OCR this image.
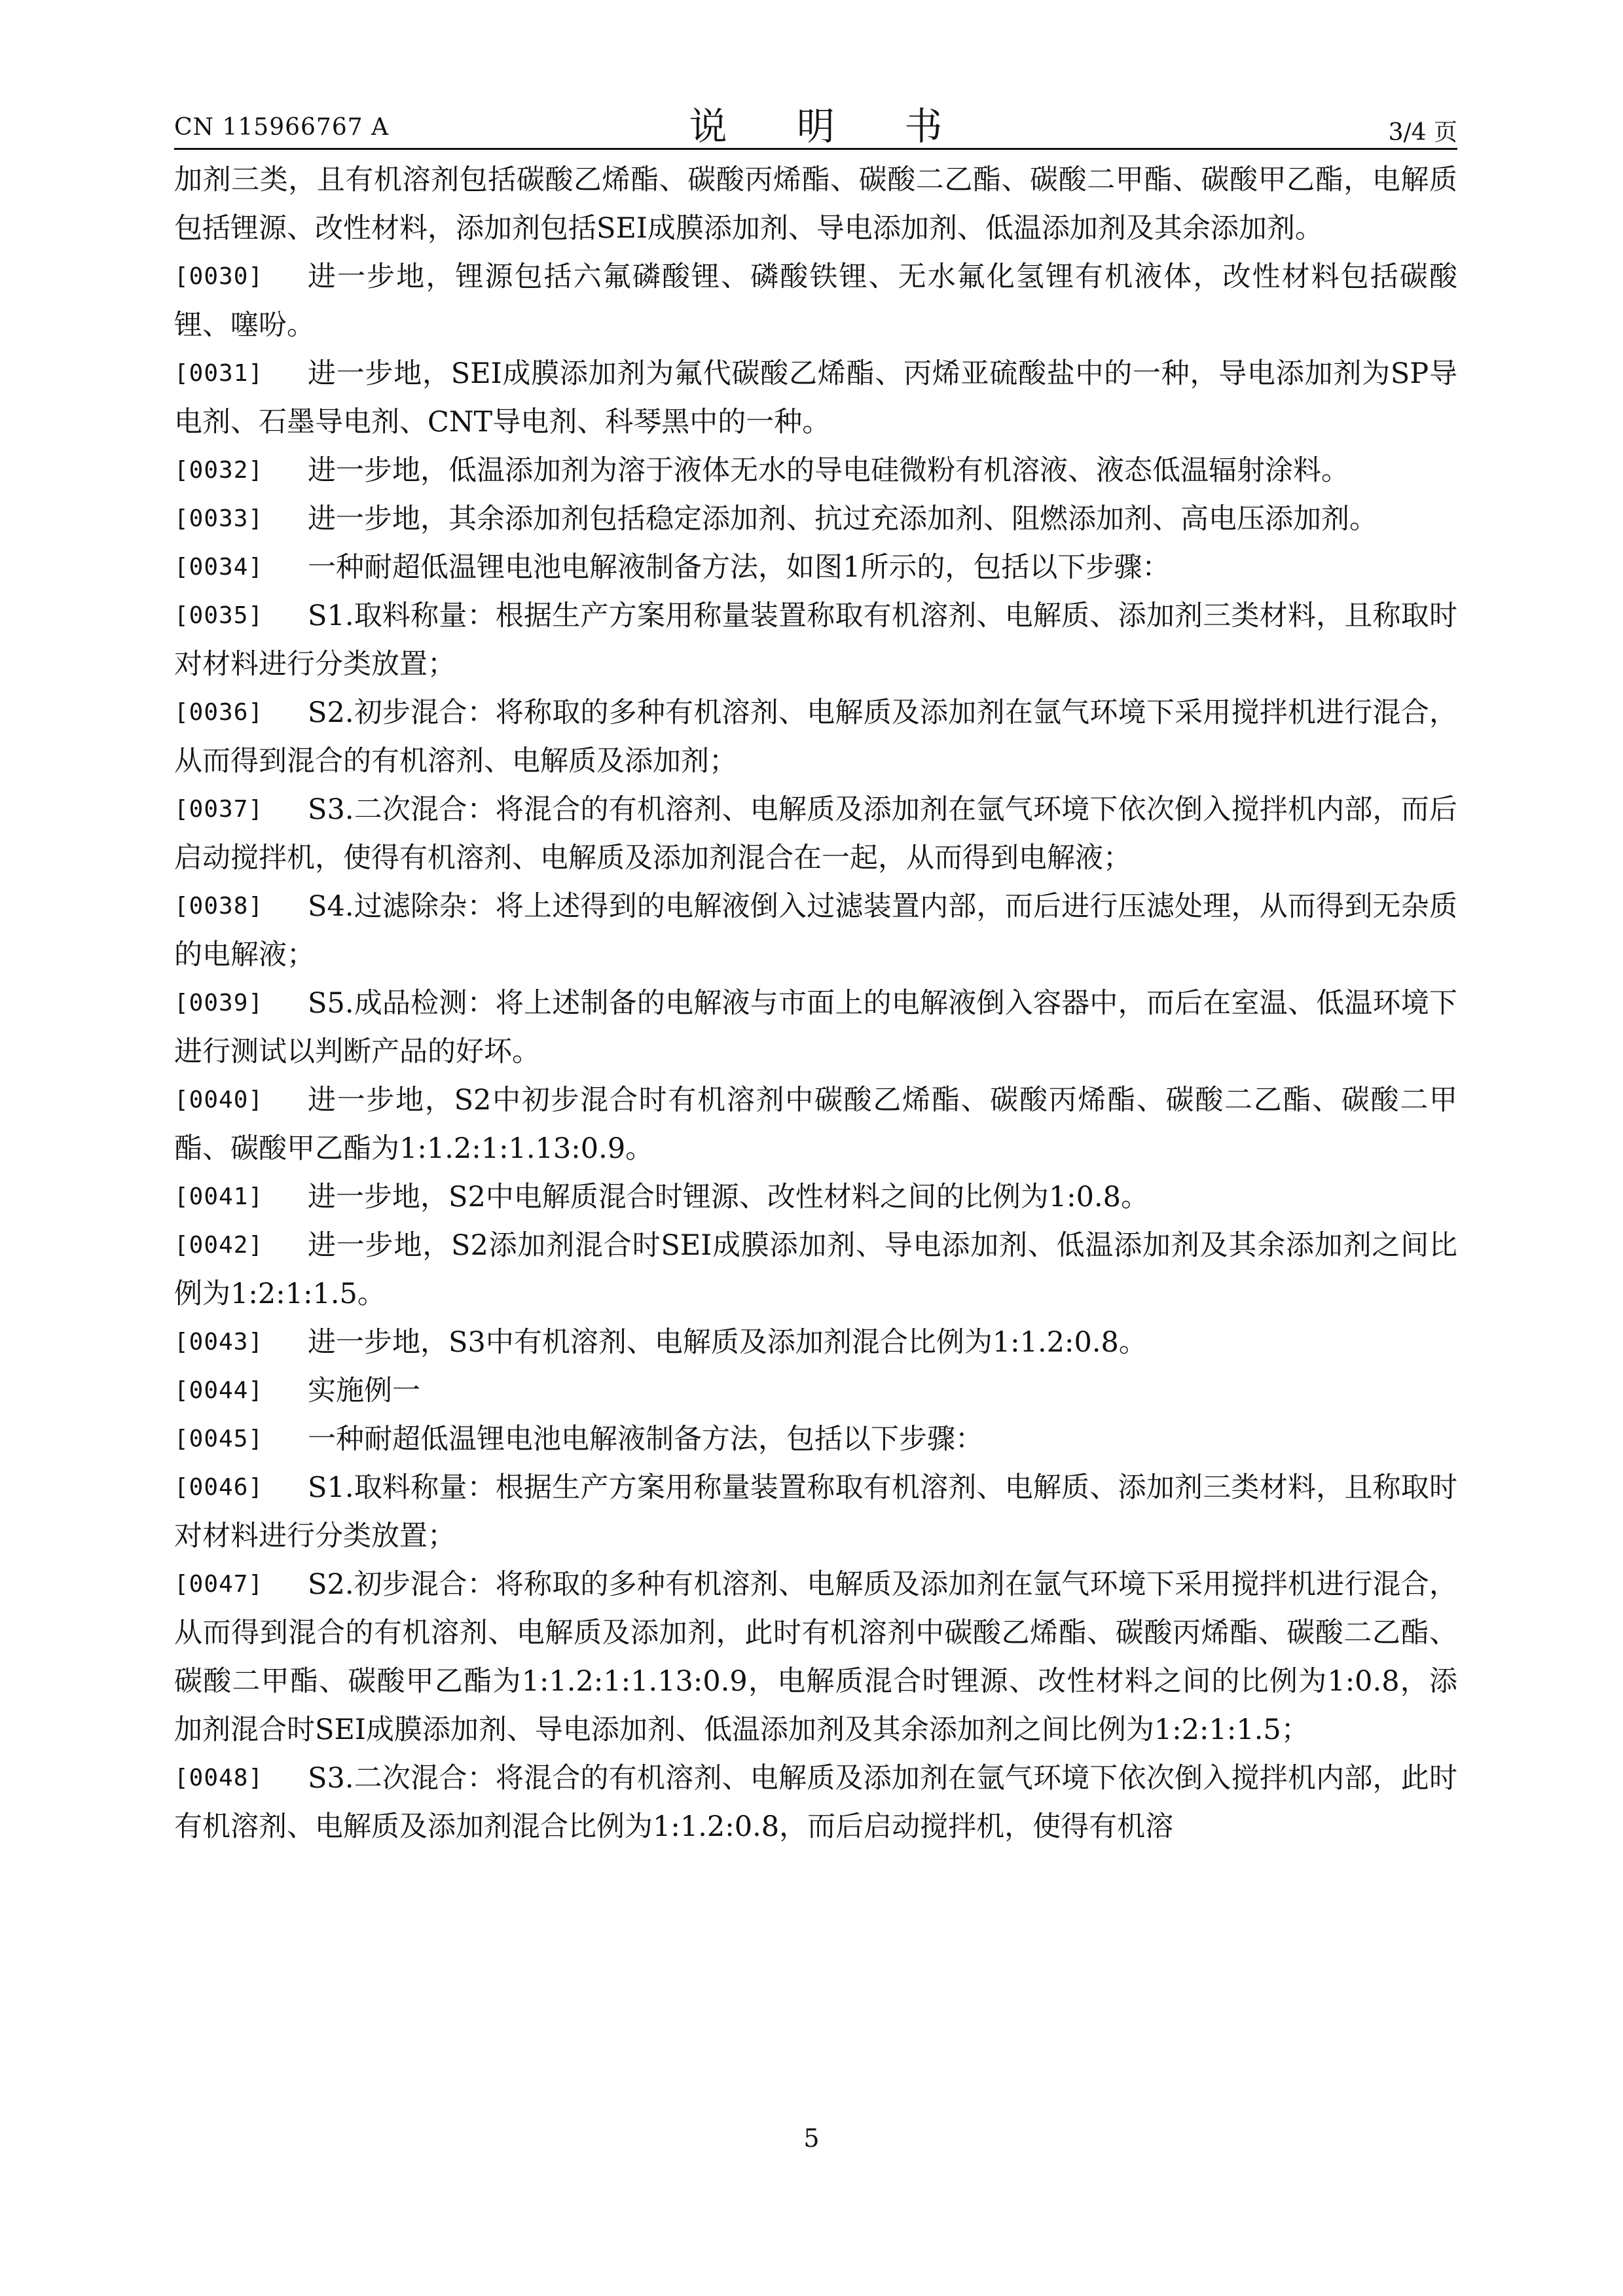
CN 115966767 A	说 明 书	3/4 页
加剂三类，且有机溶剂包括碳酸乙烯酯、碳酸丙烯酯、碳酸二乙酯、碳酸二甲酯、碳酸甲乙酯，电解质包括锂源、改性材料，添加剂包括SEI成膜添加剂、导电添加剂、低温添加剂及其余添加剂。
[0030]	进一步地，锂源包括六氟磷酸锂、磷酸铁锂、无水氟化氢锂有机液体，改性材料包括碳酸锂、噻吩。
[0031]	进一步地，SEI成膜添加剂为氟代碳酸乙烯酯、丙烯亚硫酸盐中的一种，导电添加剂为SP导电剂、石墨导电剂、CNT导电剂、科琴黑中的一种。
[0032]	进一步地，低温添加剂为溶于液体无水的导电硅微粉有机溶液、液态低温辐射涂料。
[0033]	进一步地，其余添加剂包括稳定添加剂、抗过充添加剂、阻燃添加剂、高电压添加剂。
[0034]	一种耐超低温锂电池电解液制备方法，如图1所示的，包括以下步骤：
[0035]	S1.取料称量：根据生产方案用称量装置称取有机溶剂、电解质、添加剂三类材料，且称取时对材料进行分类放置；
[0036]	S2.初步混合：将称取的多种有机溶剂、电解质及添加剂在氩气环境下采用搅拌机进行混合，从而得到混合的有机溶剂、电解质及添加剂；
[0037]	S3.二次混合：将混合的有机溶剂、电解质及添加剂在氩气环境下依次倒入搅拌机内部，而后启动搅拌机，使得有机溶剂、电解质及添加剂混合在一起，从而得到电解液；
[0038]	S4.过滤除杂：将上述得到的电解液倒入过滤装置内部，而后进行压滤处理，从而得到无杂质的电解液；
[0039]	S5.成品检测：将上述制备的电解液与市面上的电解液倒入容器中，而后在室温、低温环境下进行测试以判断产品的好坏。
[0040]	进一步地，S2中初步混合时有机溶剂中碳酸乙烯酯、碳酸丙烯酯、碳酸二乙酯、碳酸二甲酯、碳酸甲乙酯为1:1.2:1:1.13:0.9。
[0041]	进一步地，S2中电解质混合时锂源、改性材料之间的比例为1:0.8。
[0042]	进一步地，S2添加剂混合时SEI成膜添加剂、导电添加剂、低温添加剂及其余添加剂之间比例为1:2:1:1.5。
[0043]	进一步地，S3中有机溶剂、电解质及添加剂混合比例为1:1.2:0.8。
[0044]	实施例一
[0045]	一种耐超低温锂电池电解液制备方法，包括以下步骤：
[0046]	S1.取料称量：根据生产方案用称量装置称取有机溶剂、电解质、添加剂三类材料，且称取时对材料进行分类放置；
[0047]	S2.初步混合：将称取的多种有机溶剂、电解质及添加剂在氩气环境下采用搅拌机进行混合，从而得到混合的有机溶剂、电解质及添加剂，此时有机溶剂中碳酸乙烯酯、碳酸丙烯酯、碳酸二乙酯、碳酸二甲酯、碳酸甲乙酯为1:1.2:1:1.13:0.9，电解质混合时锂源、改性材料之间的比例为1:0.8，添加剂混合时SEI成膜添加剂、导电添加剂、低温添加剂及其余添加剂之间比例为1:2:1:1.5；
[0048]	S3.二次混合：将混合的有机溶剂、电解质及添加剂在氩气环境下依次倒入搅拌机内部，此时有机溶剂、电解质及添加剂混合比例为1:1.2:0.8，而后启动搅拌机，使得有机溶
5
